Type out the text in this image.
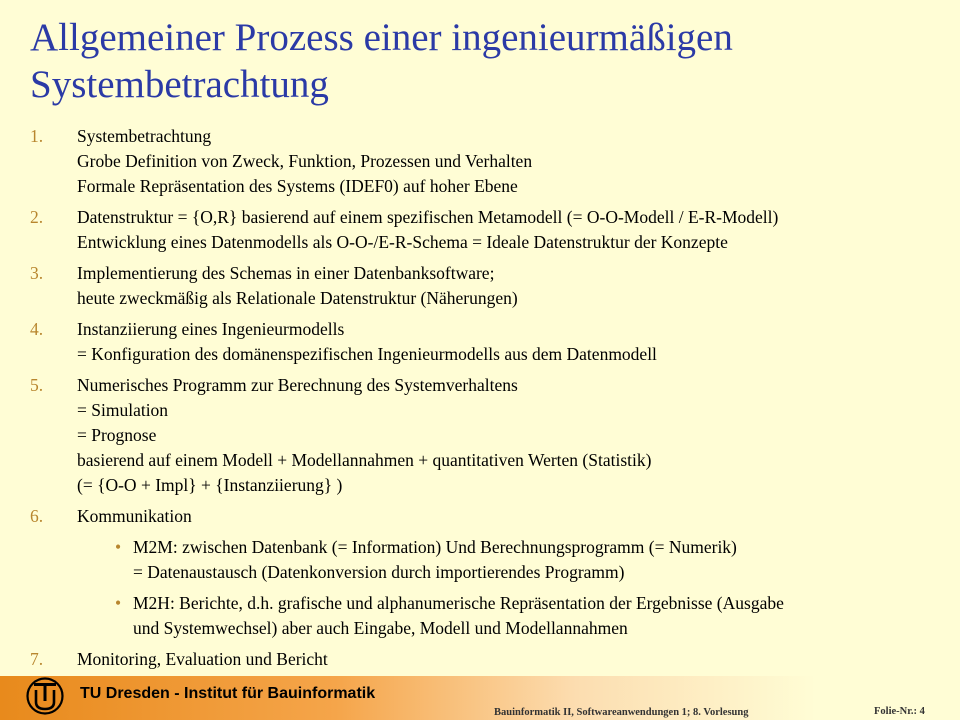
Allgemeiner Prozess einer ingenieurmäßigen
Systembetrachtung
1. Systembetrachtung
Grobe Definition von Zweck, Funktion, Prozessen und Verhalten
Formale Repräsentation des Systems (IDEF0) auf hoher Ebene
2. Datenstruktur = {O,R} basierend auf einem spezifischen Metamodell (= O-O-Modell / E-R-Modell)
Entwicklung eines Datenmodells als O-O-/E-R-Schema = Ideale Datenstruktur der Konzepte
3. Implementierung des Schemas in einer Datenbanksoftware;
heute zweckmäßig als Relationale Datenstruktur (Näherungen)
4. Instanziierung eines Ingenieurmodells
= Konfiguration des domänenspezifischen Ingenieurmodells aus dem Datenmodell
5. Numerisches Programm zur Berechnung des Systemverhaltens
= Simulation
= Prognose
basierend auf einem Modell + Modellannahmen + quantitativen Werten (Statistik)
(= {O-O + Impl} + {Instanziierung} )
6. Kommunikation
• M2M: zwischen Datenbank (= Information) Und Berechnungsprogramm (= Numerik)
= Datenaustausch (Datenkonversion durch importierendes Programm)
• M2H: Berichte, d.h. grafische und alphanumerische Repräsentation der Ergebnisse (Ausgabe
und Systemwechsel) aber auch Eingabe, Modell und Modellannahmen
7. Monitoring, Evaluation und Bericht
TU Dresden - Institut für Bauinformatik
Bauinformatik II, Softwareanwendungen 1; 8. Vorlesung	Folie-Nr.: 4
